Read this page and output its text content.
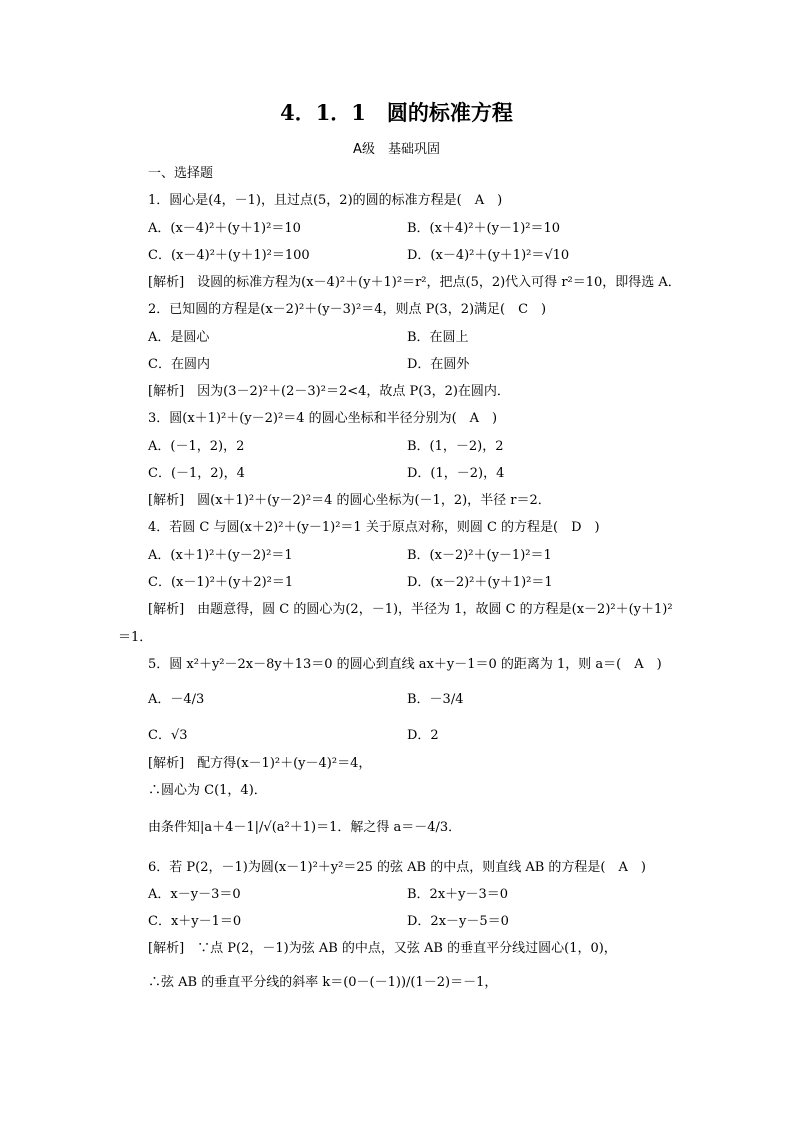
4．1．1　圆的标准方程
A级　基础巩固
一、选择题
1．圆心是(4，－1)，且过点(5，2)的圆的标准方程是(　A　)
A．(x－4)²＋(y＋1)²＝10	B．(x＋4)²＋(y－1)²＝10
C．(x－4)²＋(y＋1)²＝100	D．(x－4)²＋(y＋1)²＝√10
[解析]　设圆的标准方程为(x－4)²＋(y＋1)²＝r²，把点(5，2)代入可得 r²＝10，即得选 A．
2．已知圆的方程是(x－2)²＋(y－3)²＝4，则点 P(3，2)满足(　C　)
A．是圆心	B．在圆上
C．在圆内	D．在圆外
[解析]　因为(3－2)²＋(2－3)²＝2<4，故点 P(3，2)在圆内．
3．圆(x＋1)²＋(y－2)²＝4 的圆心坐标和半径分别为(　A　)
A．(－1，2)，2	B．(1，－2)，2
C．(－1，2)，4	D．(1，－2)，4
[解析]　圆(x＋1)²＋(y－2)²＝4 的圆心坐标为(－1，2)，半径 r＝2．
4．若圆 C 与圆(x＋2)²＋(y－1)²＝1 关于原点对称，则圆 C 的方程是(　D　)
A．(x＋1)²＋(y－2)²＝1	B．(x－2)²＋(y－1)²＝1
C．(x－1)²＋(y＋2)²＝1	D．(x－2)²＋(y＋1)²＝1
[解析]　由题意得，圆 C 的圆心为(2，－1)，半径为 1，故圆 C 的方程是(x－2)²＋(y＋1)²
＝1．
5．圆 x²＋y²－2x－8y＋13＝0 的圆心到直线 ax＋y－1＝0 的距离为 1，则 a＝(　A　)
A．－4/3	B．－3/4
C．√3	D．2
[解析]　配方得(x－1)²＋(y－4)²＝4，
∴圆心为 C(1，4)．
由条件知|a＋4－1|/√(a²＋1)＝1．解之得 a＝－4/3．
6．若 P(2，－1)为圆(x－1)²＋y²＝25 的弦 AB 的中点，则直线 AB 的方程是(　A　)
A．x－y－3＝0	B．2x＋y－3＝0
C．x＋y－1＝0	D．2x－y－5＝0
[解析]　∵点 P(2，－1)为弦 AB 的中点，又弦 AB 的垂直平分线过圆心(1，0)，
∴弦 AB 的垂直平分线的斜率 k＝(0－(－1))/(1－2)＝－1，
